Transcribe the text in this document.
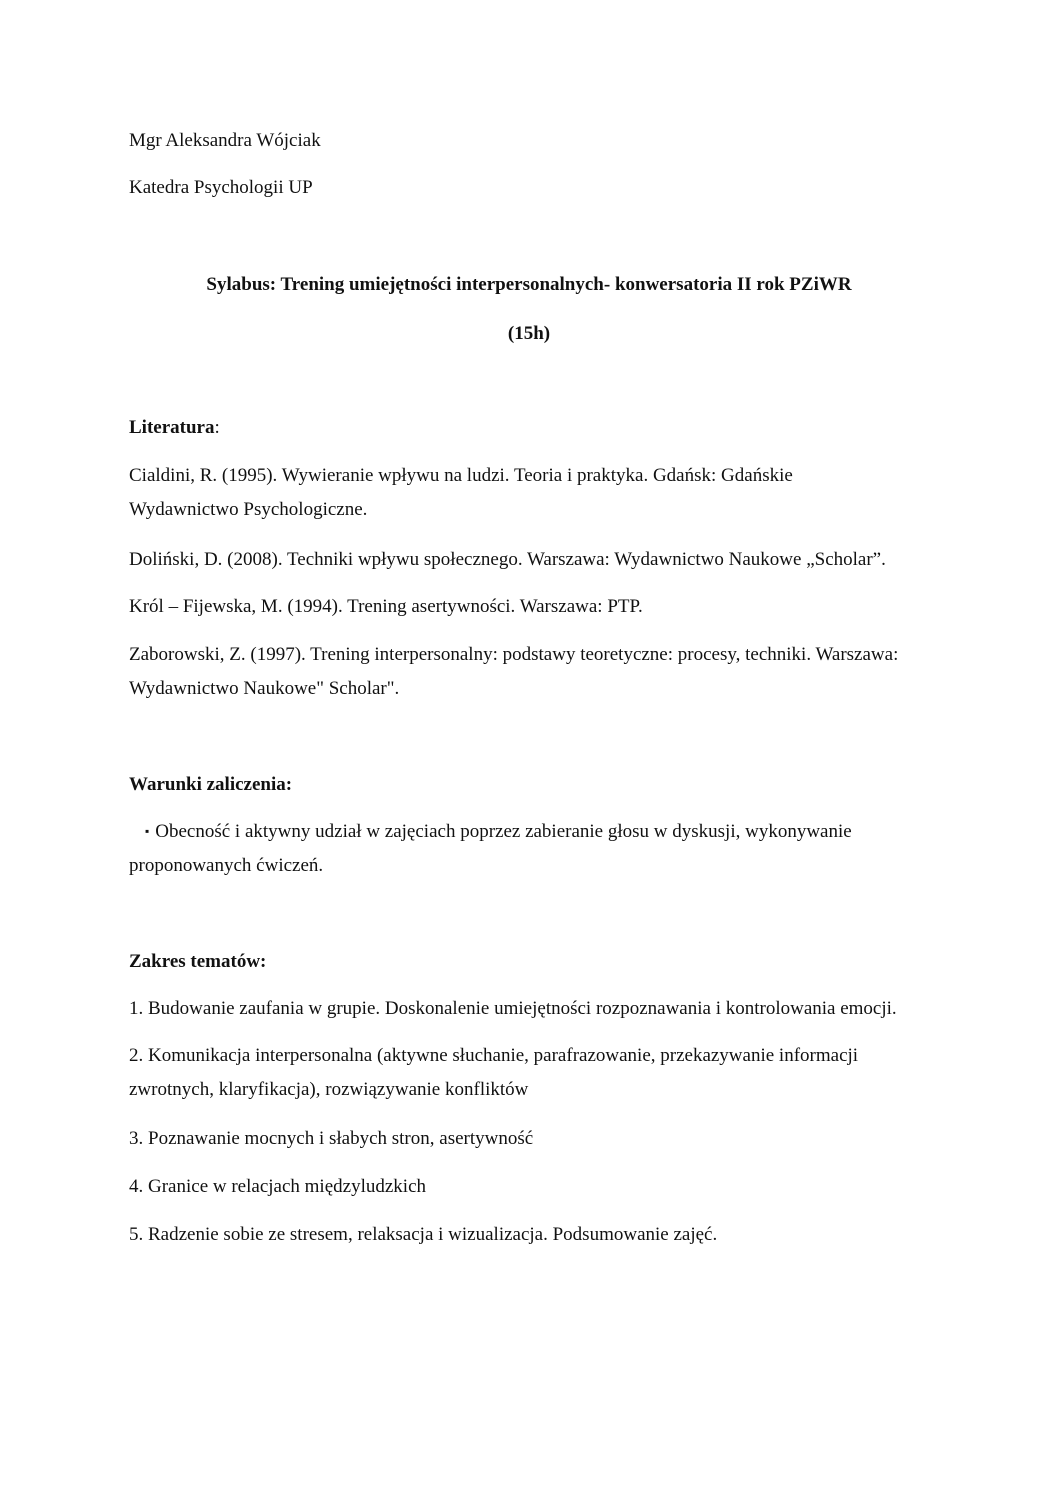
Mgr Aleksandra Wójciak

Katedra Psychologii UP

Sylabus: Trening umiejętności interpersonalnych- konwersatoria II rok PZiWR

(15h)

Literatura:

Cialdini, R. (1995). Wywieranie wpływu na ludzi. Teoria i praktyka. Gdańsk: Gdańskie
Wydawnictwo Psychologiczne.
Doliński, D. (2008). Techniki wpływu społecznego. Warszawa: Wydawnictwo Naukowe „Scholar”.
Król – Fijewska, M. (1994). Trening asertywności. Warszawa: PTP.
Zaborowski, Z. (1997). Trening interpersonalny: podstawy teoretyczne: procesy, techniki. Warszawa:
Wydawnictwo Naukowe" Scholar".

Warunki zaliczenia:

▪ Obecność i aktywny udział w zajęciach poprzez zabieranie głosu w dyskusji, wykonywanie
proponowanych ćwiczeń.

Zakres tematów:

1. Budowanie zaufania w grupie. Doskonalenie umiejętności rozpoznawania i kontrolowania emocji.
2. Komunikacja interpersonalna (aktywne słuchanie, parafrazowanie, przekazywanie informacji
zwrotnych, klaryfikacja), rozwiązywanie konfliktów
3. Poznawanie mocnych i słabych stron, asertywność
4. Granice w relacjach międzyludzkich
5. Radzenie sobie ze stresem, relaksacja i wizualizacja. Podsumowanie zajęć.
